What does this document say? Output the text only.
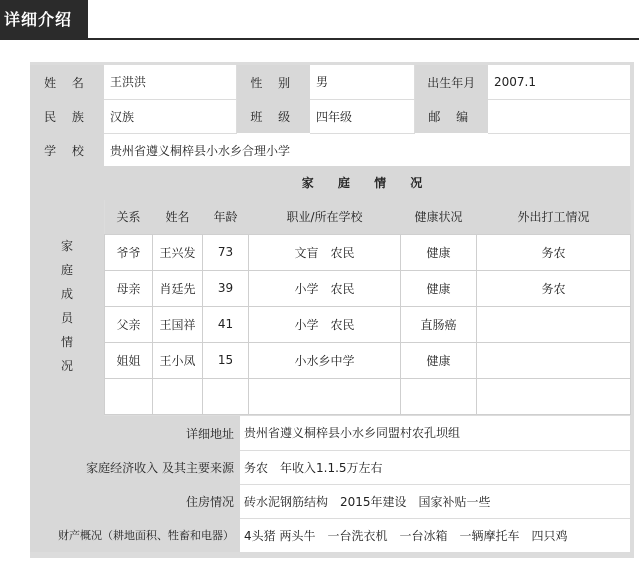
详细介绍
姓 名	王洪洪	性 别	男	出生年月	2007.1
民 族	汉族	班 级	四年级	邮 编	
学 校	贵州省遵义桐梓县小水乡合理小学				
家庭成员情况
家 庭 情 况
关系	姓名	年龄	职业/所在学校	健康状况	外出打工情况
爷爷	王兴发	73	文盲　农民	健康	务农
母亲	肖廷先	39	小学　农民	健康	务农
父亲	王国祥	41	小学　农民	直肠癌	
姐姐	王小凤	15	小水乡中学	健康	

详细地址	贵州省遵义桐梓县小水乡同盟村农孔坝组
家庭经济收入 及其主要来源	务农　年收入1.1.5万左右
住房情况	砖水泥钢筋结构　2015年建设　国家补贴一些
财产概况（耕地面积、牲畜和电器）	4头猪 两头牛　一台洗衣机　一台冰箱　一辆摩托车　四只鸡
